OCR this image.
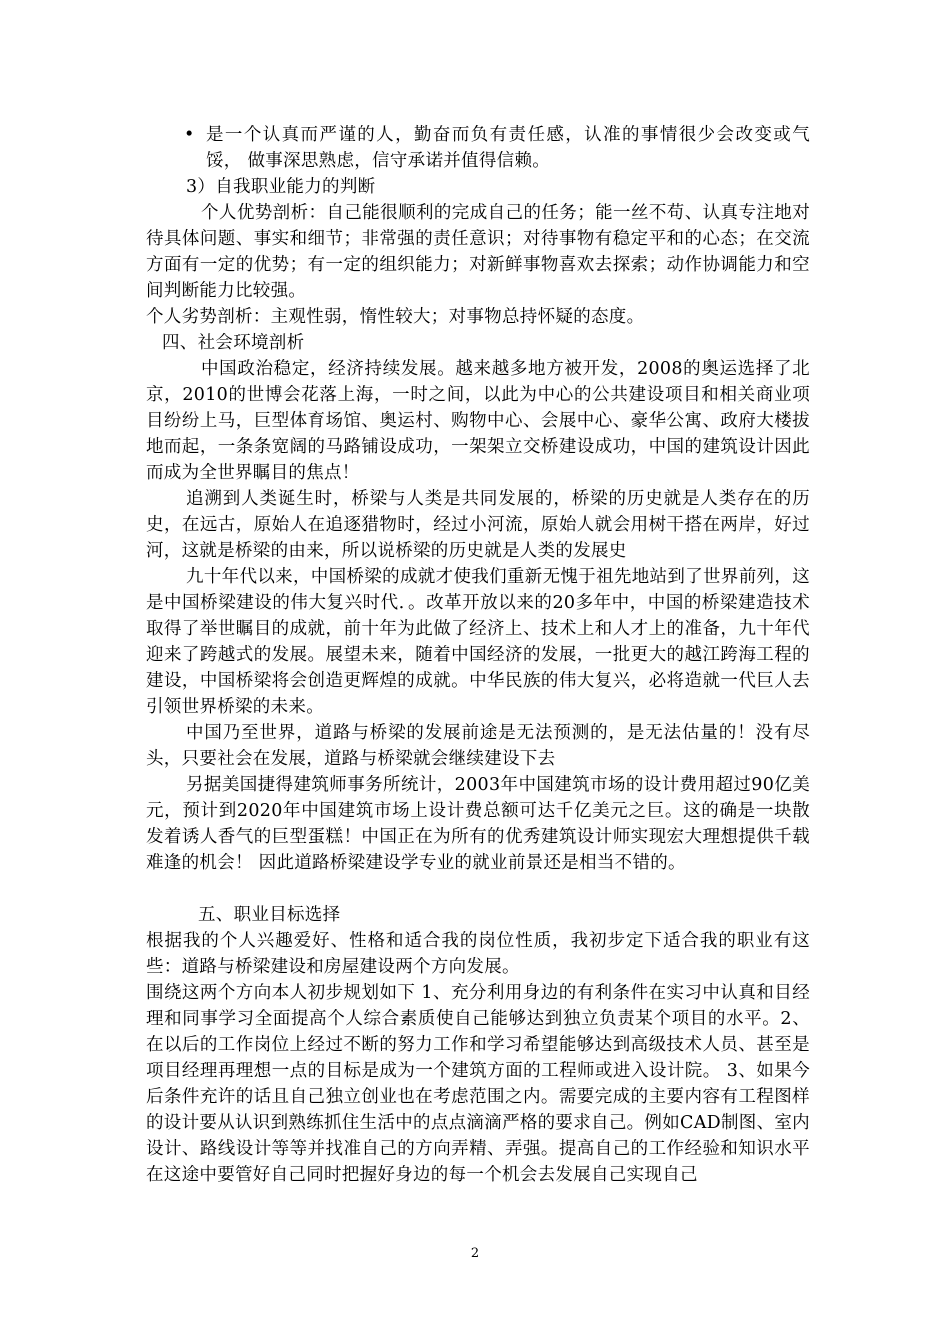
• 是一个认真而严谨的人，勤奋而负有责任感，认准的事情很少会改变或气馁， 做事深思熟虑，信守承诺并值得信赖。

3）自我职业能力的判断

个人优势剖析：自己能很顺利的完成自己的任务；能一丝不苟、认真专注地对待具体问题、事实和细节；非常强的责任意识；对待事物有稳定平和的心态；在交流方面有一定的优势；有一定的组织能力；对新鲜事物喜欢去探索；动作协调能力和空间判断能力比较强。

个人劣势剖析：主观性弱，惰性较大；对事物总持怀疑的态度。

四、社会环境剖析

中国政治稳定，经济持续发展。越来越多地方被开发，2008的奥运选择了北京，2010的世博会花落上海，一时之间，以此为中心的公共建设项目和相关商业项目纷纷上马，巨型体育场馆、奥运村、购物中心、会展中心、豪华公寓、政府大楼拔地而起，一条条宽阔的马路铺设成功，一架架立交桥建设成功，中国的建筑设计因此而成为全世界瞩目的焦点！

追溯到人类诞生时，桥梁与人类是共同发展的，桥梁的历史就是人类存在的历史，在远古，原始人在追逐猎物时，经过小河流，原始人就会用树干搭在两岸，好过河，这就是桥梁的由来，所以说桥梁的历史就是人类的发展史

九十年代以来，中国桥梁的成就才使我们重新无愧于祖先地站到了世界前列，这是中国桥梁建设的伟大复兴时代．。改革开放以来的20多年中，中国的桥梁建造技术取得了举世瞩目的成就，前十年为此做了经济上、技术上和人才上的准备，九十年代迎来了跨越式的发展。展望未来，随着中国经济的发展，一批更大的越江跨海工程的建设，中国桥梁将会创造更辉煌的成就。中华民族的伟大复兴，必将造就一代巨人去引领世界桥梁的未来。

中国乃至世界，道路与桥梁的发展前途是无法预测的，是无法估量的！没有尽头，只要社会在发展，道路与桥梁就会继续建设下去

另据美国捷得建筑师事务所统计，2003年中国建筑市场的设计费用超过90亿美元，预计到2020年中国建筑市场上设计费总额可达千亿美元之巨。这的确是一块散发着诱人香气的巨型蛋糕！中国正在为所有的优秀建筑设计师实现宏大理想提供千载难逢的机会！ 因此道路桥梁建设学专业的就业前景还是相当不错的。

五、职业目标选择

根据我的个人兴趣爱好、性格和适合我的岗位性质，我初步定下适合我的职业有这些：道路与桥梁建设和房屋建设两个方向发展。

围绕这两个方向本人初步规划如下 1、充分利用身边的有利条件在实习中认真和目经理和同事学习全面提高个人综合素质使自己能够达到独立负责某个项目的水平。2、在以后的工作岗位上经过不断的努力工作和学习希望能够达到高级技术人员、甚至是项目经理再理想一点的目标是成为一个建筑方面的工程师或进入设计院。 3、如果今后条件充许的话且自己独立创业也在考虑范围之内。需要完成的主要内容有工程图样的设计要从认识到熟练抓住生活中的点点滴滴严格的要求自己。例如CAD制图、室内设计、路线设计等等并找准自己的方向弄精、弄强。提高自己的工作经验和知识水平在这途中要管好自己同时把握好身边的每一个机会去发展自己实现自己

2
